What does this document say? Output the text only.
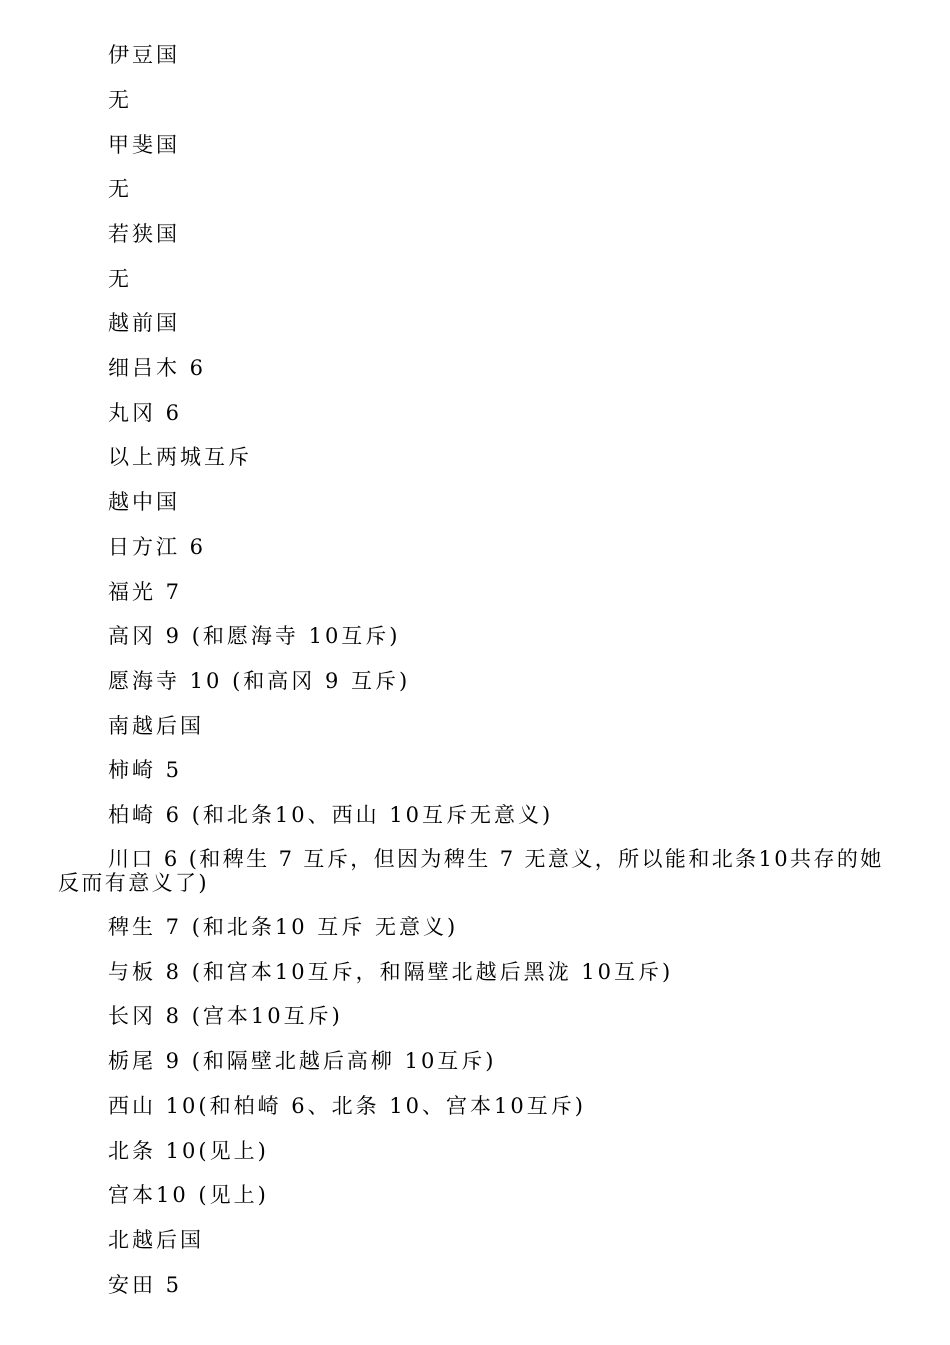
伊豆国

无

甲斐国

无

若狭国

无

越前国

细吕木 6

丸冈 6

以上两城互斥

越中国

日方江 6

福光 7

高冈 9 (和愿海寺 10互斥)

愿海寺 10 (和高冈 9 互斥)

南越后国

柿崎 5

柏崎 6 (和北条10、西山 10互斥无意义)

川口 6 (和稗生 7 互斥，但因为稗生 7 无意义，所以能和北条10共存的她反而有意义了)

稗生 7 (和北条10 互斥 无意义)

与板 8 (和宫本10互斥，和隔壁北越后黑泷 10互斥)

长冈 8 (宫本10互斥)

栃尾 9 (和隔壁北越后高柳 10互斥)

西山 10(和柏崎 6、北条 10、宫本10互斥)

北条 10(见上)

宫本10 (见上)

北越后国

安田 5
